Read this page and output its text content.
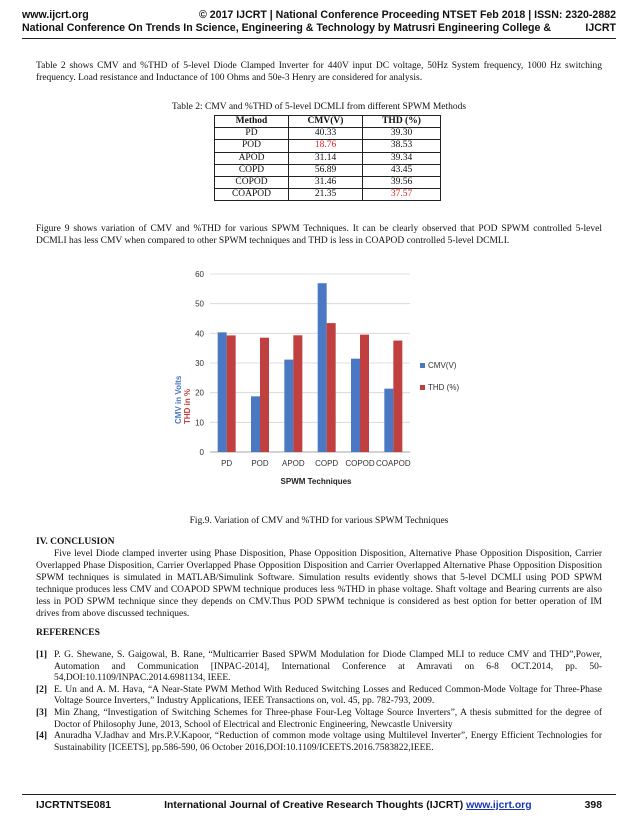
www.ijcrt.org	© 2017 IJCRT | National Conference Proceeding NTSET Feb 2018 | ISSN: 2320-2882
National Conference On Trends In Science, Engineering & Technology by Matrusri Engineering College &	IJCRT

Table 2 shows CMV and %THD of 5-level Diode Clamped Inverter for 440V input DC voltage, 50Hz System frequency, 1000 Hz switching frequency. Load resistance and Inductance of 100 Ohms and 50e-3 Henry are considered for analysis.

Table 2: CMV and %THD of 5-level DCMLI from different SPWM Methods
Method	CMV(V)	THD (%)
PD	40.33	39.30
POD	18.76	38.53
APOD	31.14	39.34
COPD	56.89	43.45
COPOD	31.46	39.56
COAPOD	21.35	37.57

Figure 9 shows variation of CMV and %THD for various SPWM Techniques. It can be clearly observed that POD SPWM controlled 5-level DCMLI has less CMV when compared to other SPWM techniques and THD is less in COAPOD controlled 5-level DCMLI.

0
10
20
30
40
50
60
PD POD APOD COPD COPOD COAPOD
CMV in Volts THD in %
SPWM Techniques
CMV(V)
THD (%)
Fig.9. Variation of CMV and %THD for various SPWM Techniques
IV. CONCLUSION

Five level Diode clamped inverter using Phase Disposition, Phase Opposition Disposition, Alternative Phase Opposition Disposition, Carrier Overlapped Phase Disposition, Carrier Overlapped Phase Opposition Disposition and Carrier Overlapped Alternative Phase Opposition Disposition SPWM techniques is simulated in MATLAB/Simulink Software. Simulation results evidently shows that 5-level DCMLI using POD SPWM technique produces less CMV and COAPOD SPWM technique produces less %THD in phase voltage. Shaft voltage and Bearing currents are also less in POD SPWM technique since they depends on CMV.Thus POD SPWM technique is considered as best option for better operation of IM drives from above discussed techniques.

REFERENCES
[1] P. G. Shewane, S. Gaigowal, B. Rane, “Multicarrier Based SPWM Modulation for Diode Clamped MLI to reduce CMV and THD”,Power, Automation and Communication [INPAC-2014], International Conference at Amravati on 6-8 OCT.2014, pp. 50-54,DOI:10.1109/INPAC.2014.6981134, IEEE.
[2] E. Un and A. M. Hava, “A Near-State PWM Method With Reduced Switching Losses and Reduced Common-Mode Voltage for Three-Phase Voltage Source Inverters,” Industry Applications, IEEE Transactions on, vol. 45, pp. 782-793, 2009.
[3] Min Zhang, “Investigation of Switching Schemes for Three-phase Four-Leg Voltage Source Inverters”, A thesis submitted for the degree of Doctor of Philosophy June, 2013, School of Electrical and Electronic Engineering, Newcastle University
[4] Anuradha V.Jadhav and Mrs.P.V.Kapoor, “Reduction of common mode voltage using Multilevel Inverter”, Energy Efficient Technologies for Sustainability [ICEETS], pp.586-590, 06 October 2016,DOI:10.1109/ICEETS.2016.7583822,IEEE.
IJCRTNTSE081	International Journal of Creative Research Thoughts (IJCRT) www.ijcrt.org	398
